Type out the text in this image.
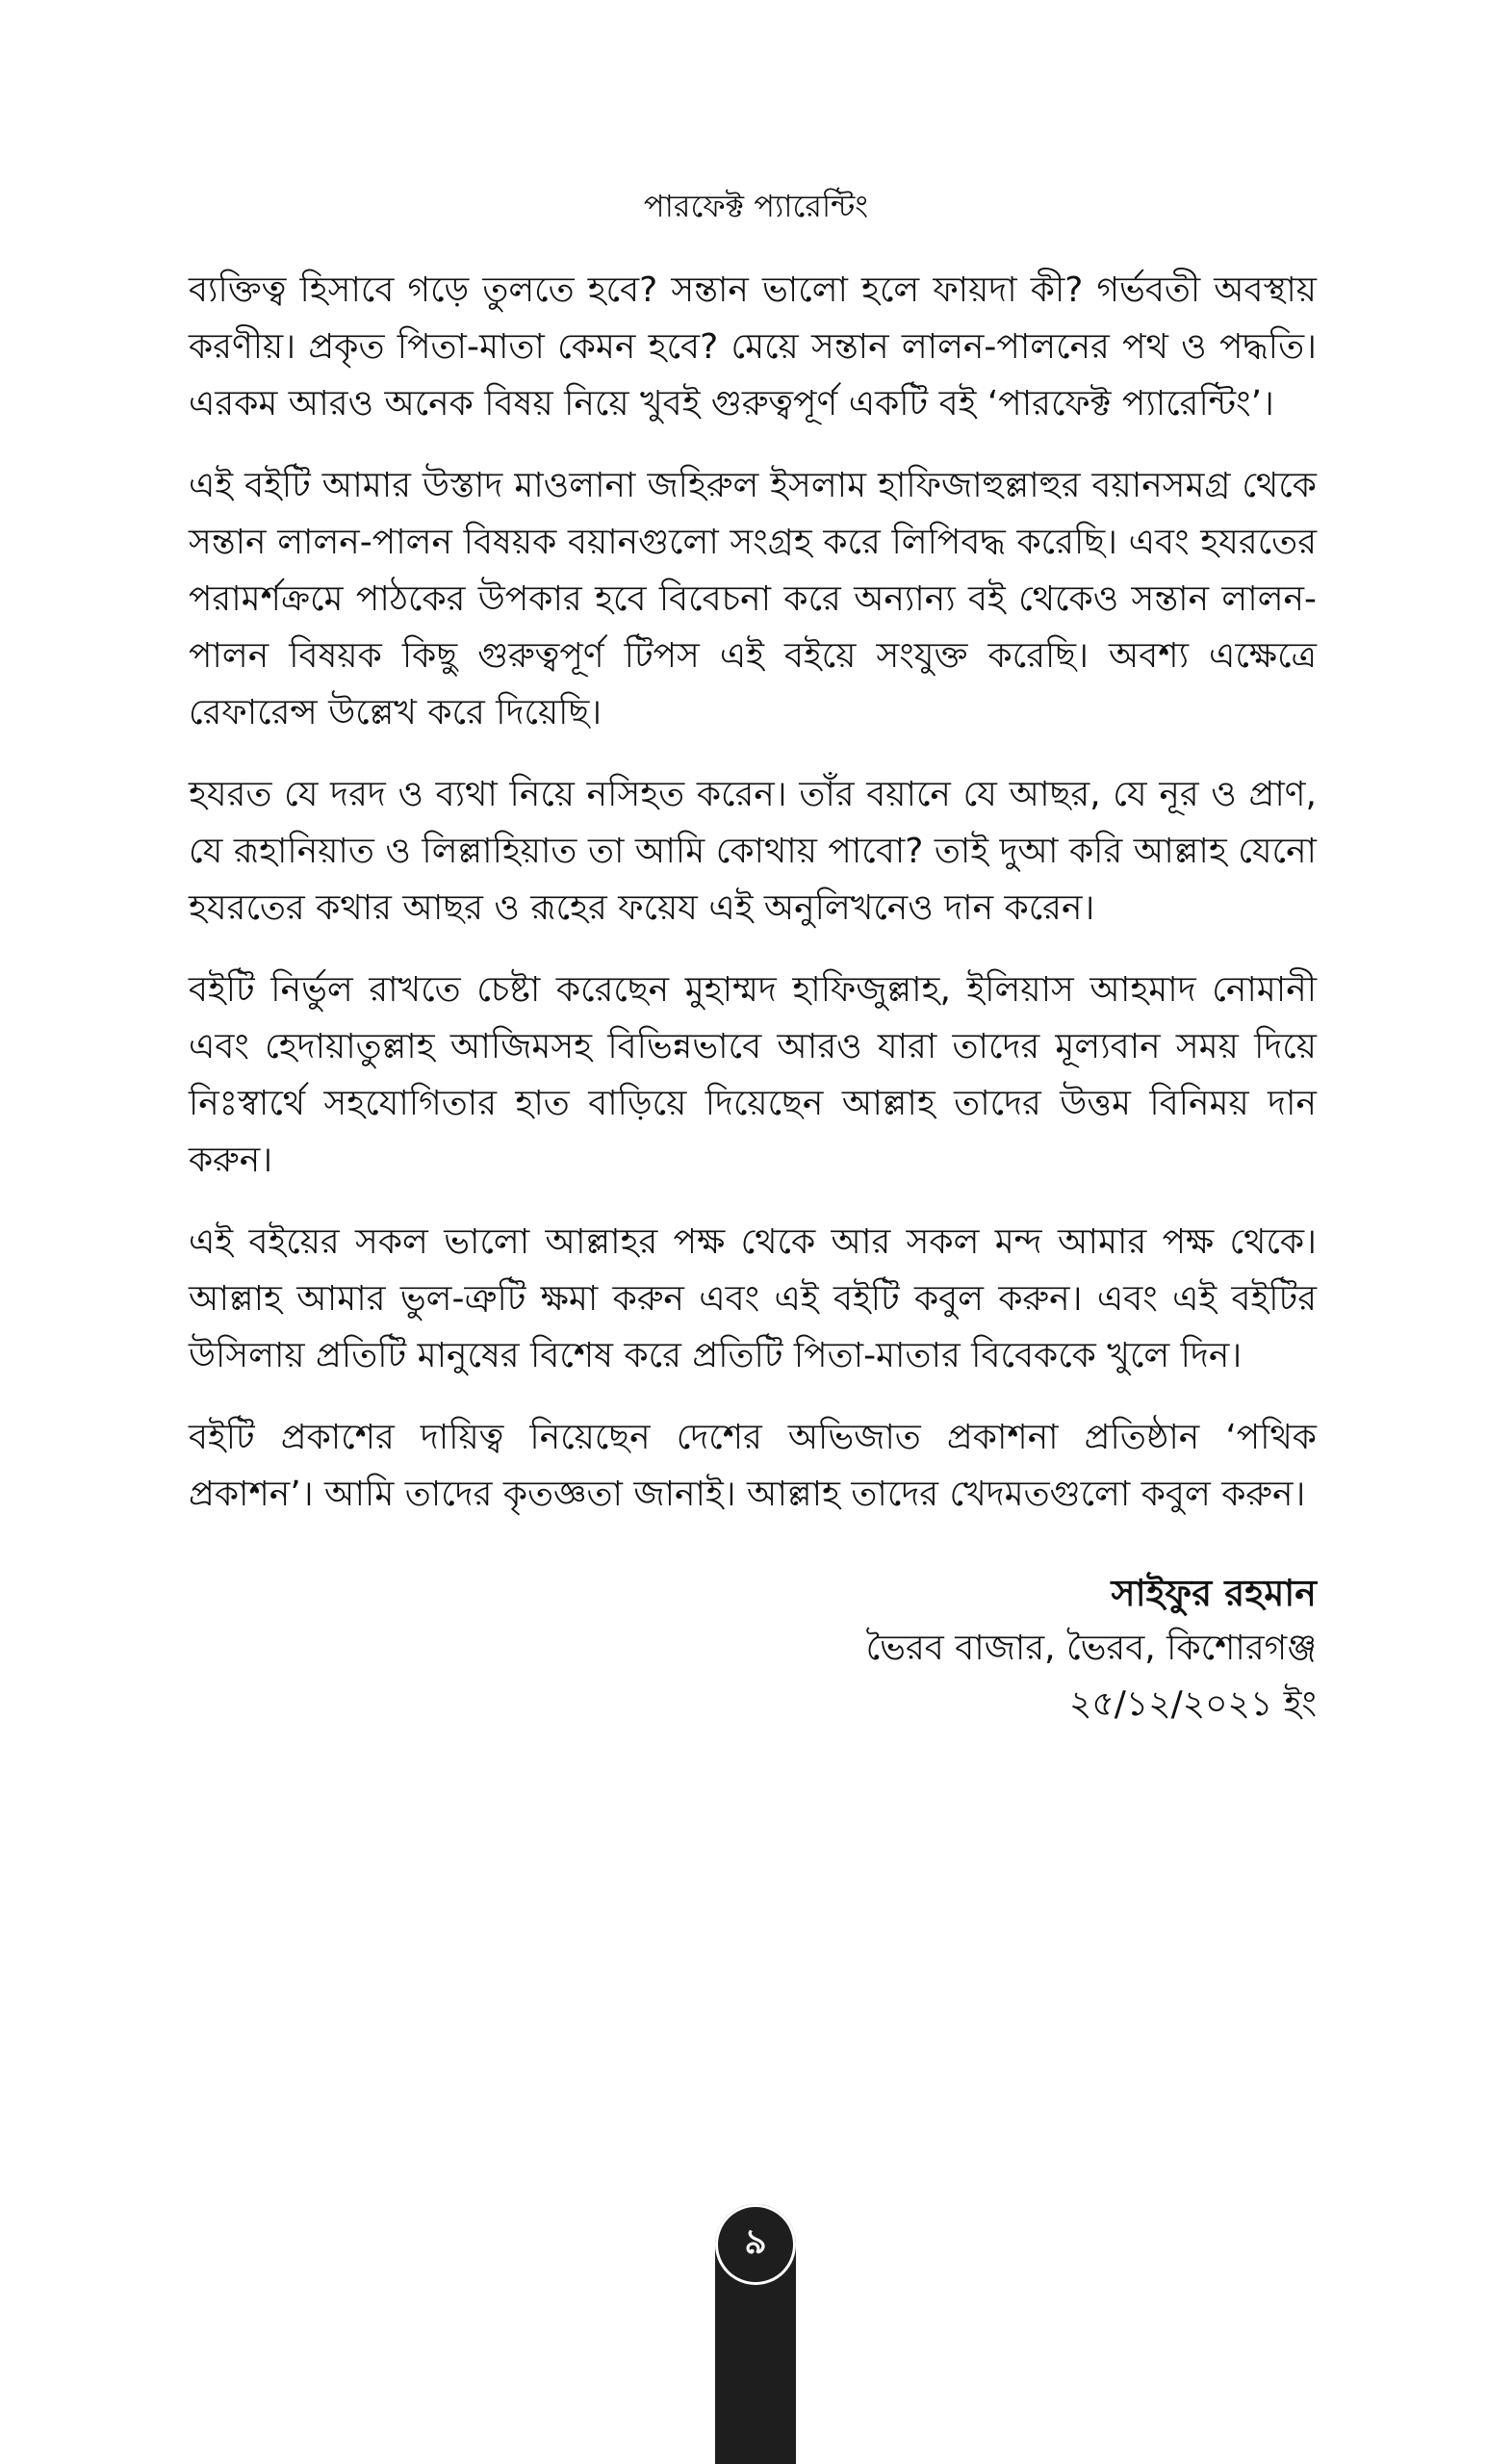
পারফেক্ট প্যারেন্টিং

ব্যক্তিত্ব হিসাবে গড়ে তুলতে হবে? সন্তান ভালো হলে ফায়দা কী? গর্ভবতী অবস্থায় করণীয়। প্রকৃত পিতা-মাতা কেমন হবে? মেয়ে সন্তান লালন-পালনের পথ ও পদ্ধতি। এরকম আরও অনেক বিষয় নিয়ে খুবই গুরুত্বপূর্ণ একটি বই ‘পারফেক্ট প্যারেন্টিং’।

এই বইটি আমার উস্তাদ মাওলানা জহিরুল ইসলাম হাফিজাহুল্লাহুর বয়ানসমগ্র থেকে সন্তান লালন-পালন বিষয়ক বয়ানগুলো সংগ্রহ করে লিপিবদ্ধ করেছি। এবং হযরতের পরামর্শক্রমে পাঠকের উপকার হবে বিবেচনা করে অন্যান্য বই থেকেও সন্তান লালন-পালন বিষয়ক কিছু গুরুত্বপূর্ণ টিপস এই বইয়ে সংযুক্ত করেছি। অবশ্য এক্ষেত্রে রেফারেন্স উল্লেখ করে দিয়েছি।

হযরত যে দরদ ও ব্যথা নিয়ে নসিহত করেন। তাঁর বয়ানে যে আছর, যে নূর ও প্রাণ, যে রূহানিয়াত ও লিল্লাহিয়াত তা আমি কোথায় পাবো? তাই দুআ করি আল্লাহ যেনো হযরতের কথার আছর ও রূহের ফয়েয এই অনুলিখনেও দান করেন।

বইটি নির্ভুল রাখতে চেষ্টা করেছেন মুহাম্মদ হাফিজুল্লাহ, ইলিয়াস আহমাদ নোমানী এবং হেদায়াতুল্লাহ আজিমসহ বিভিন্নভাবে আরও যারা তাদের মূল্যবান সময় দিয়ে নিঃস্বার্থে সহযোগিতার হাত বাড়িয়ে দিয়েছেন আল্লাহ তাদের উত্তম বিনিময় দান করুন।

এই বইয়ের সকল ভালো আল্লাহর পক্ষ থেকে আর সকল মন্দ আমার পক্ষ থেকে। আল্লাহ আমার ভুল-ত্রুটি ক্ষমা করুন এবং এই বইটি কবুল করুন। এবং এই বইটির উসিলায় প্রতিটি মানুষের বিশেষ করে প্রতিটি পিতা-মাতার বিবেককে খুলে দিন।

বইটি প্রকাশের দায়িত্ব নিয়েছেন দেশের অভিজাত প্রকাশনা প্রতিষ্ঠান ‘পথিক প্রকাশন’। আমি তাদের কৃতজ্ঞতা জানাই। আল্লাহ তাদের খেদমতগুলো কবুল করুন।

সাইফুর রহমান
ভৈরব বাজার, ভৈরব, কিশোরগঞ্জ
২৫/১২/২০২১ ইং
৯
